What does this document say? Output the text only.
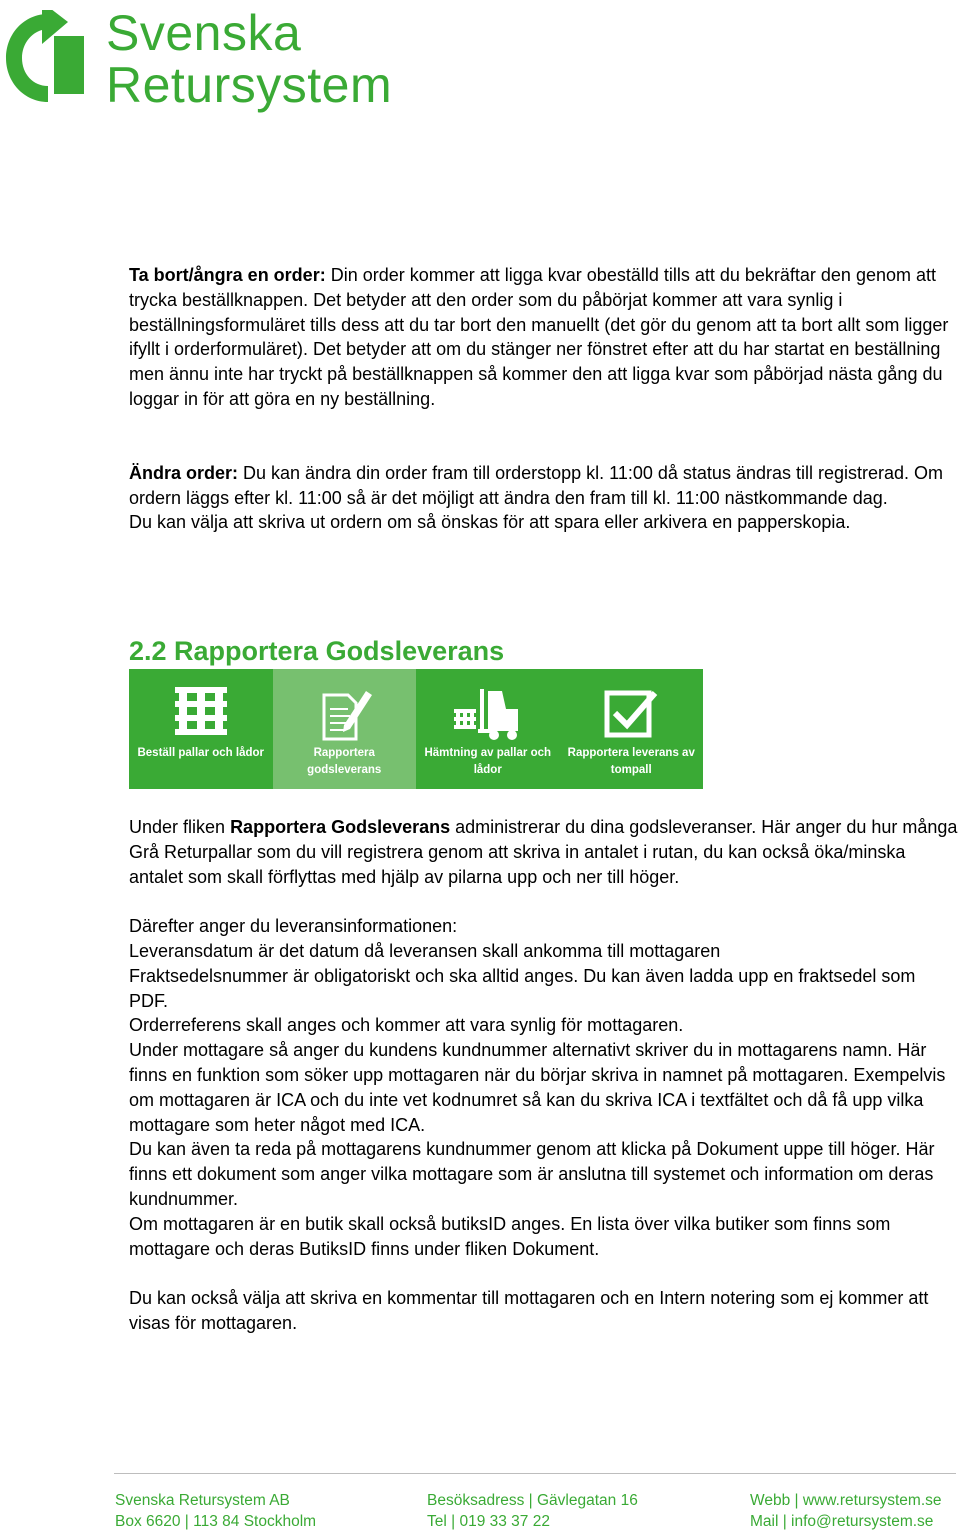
Svenska
Retursystem

Ta bort/ångra en order: Din order kommer att ligga kvar obeställd tills att du bekräftar den genom att trycka beställknappen. Det betyder att den order som du påbörjat kommer att vara synlig i beställningsformuläret tills dess att du tar bort den manuellt (det gör du genom att ta bort allt som ligger ifyllt i orderformuläret). Det betyder att om du stänger ner fönstret efter att du har startat en beställning men ännu inte har tryckt på beställknappen så kommer den att ligga kvar som påbörjad nästa gång du loggar in för att göra en ny beställning.

Ändra order: Du kan ändra din order fram till orderstopp kl. 11:00 då status ändras till registrerad. Om ordern läggs efter kl. 11:00 så är det möjligt att ändra den fram till kl. 11:00 nästkommande dag.

Du kan välja att skriva ut ordern om så önskas för att spara eller arkivera en papperskopia.

2.2 Rapportera Godsleverans
Beställ pallar och lådor	Rapportera godsleverans
Hämtning av pallar och lådor
Rapportera leverans av tompall

Under fliken Rapportera Godsleverans administrerar du dina godsleveranser. Här anger du hur många Grå Returpallar som du vill registrera genom att skriva in antalet i rutan, du kan också öka/minska antalet som skall förflyttas med hjälp av pilarna upp och ner till höger.

Därefter anger du leveransinformationen:

Leveransdatum är det datum då leveransen skall ankomma till mottagaren

Fraktsedelsnummer är obligatoriskt och ska alltid anges. Du kan även ladda upp en fraktsedel som PDF.

Orderreferens skall anges och kommer att vara synlig för mottagaren.

Under mottagare så anger du kundens kundnummer alternativt skriver du in mottagarens namn. Här finns en funktion som söker upp mottagaren när du börjar skriva in namnet på mottagaren. Exempelvis om mottagaren är ICA och du inte vet kodnumret så kan du skriva ICA i textfältet och då få upp vilka mottagare som heter något med ICA.

Du kan även ta reda på mottagarens kundnummer genom att klicka på Dokument uppe till höger. Här finns ett dokument som anger vilka mottagare som är anslutna till systemet och information om deras kundnummer.

Om mottagaren är en butik skall också butiksID anges. En lista över vilka butiker som finns som mottagare och deras ButiksID finns under fliken Dokument.

Du kan också välja att skriva en kommentar till mottagaren och en Intern notering som ej kommer att visas för mottagaren.

Svenska Retursystem AB
Box 6620 | 113 84 Stockholm
Besöksadress | Gävlegatan 16
Tel | 019 33 37 22
Webb | www.retursystem.se
Mail | info@retursystem.se
